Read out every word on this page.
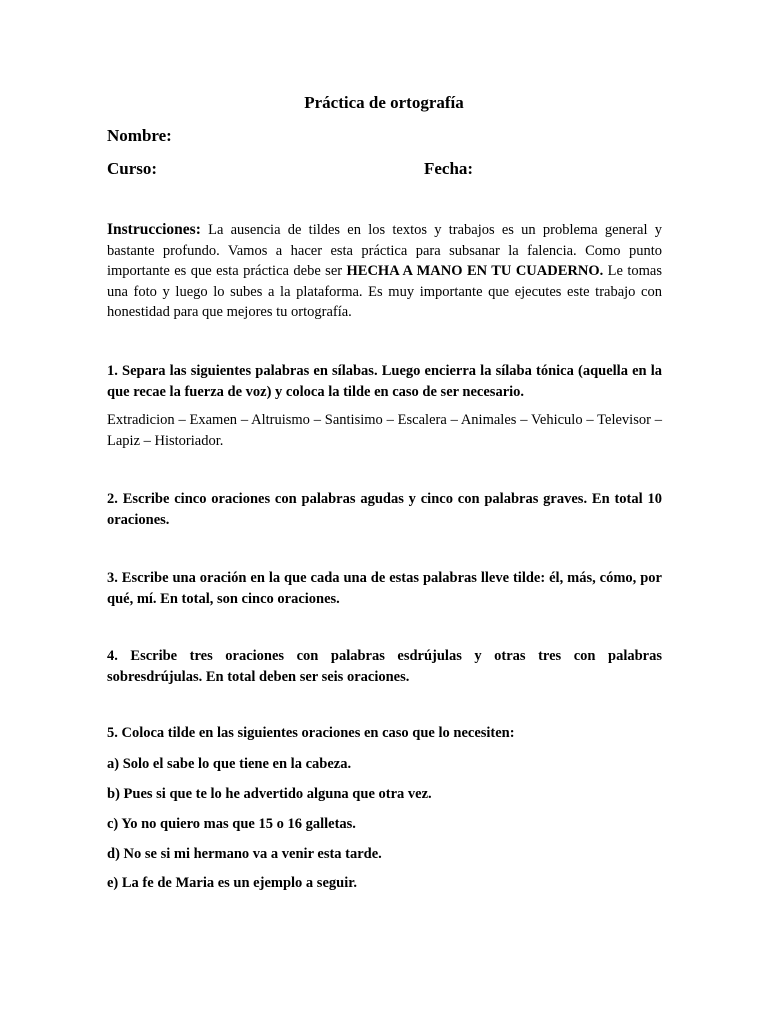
Práctica de ortografía
Nombre:
Curso:	Fecha:
Instrucciones: La ausencia de tildes en los textos y trabajos es un problema general y bastante profundo. Vamos a hacer esta práctica para subsanar la falencia. Como punto importante es que esta práctica debe ser HECHA A MANO EN TU CUADERNO. Le tomas una foto y luego lo subes a la plataforma. Es muy importante que ejecutes este trabajo con honestidad para que mejores tu ortografía.
1. Separa las siguientes palabras en sílabas. Luego encierra la sílaba tónica (aquella en la que recae la fuerza de voz) y coloca la tilde en caso de ser necesario.
Extradicion – Examen – Altruismo – Santisimo – Escalera – Animales – Vehiculo – Televisor – Lapiz – Historiador.
2. Escribe cinco oraciones con palabras agudas y cinco con palabras graves. En total 10 oraciones.
3. Escribe una oración en la que cada una de estas palabras lleve tilde: él, más, cómo, por qué, mí. En total, son cinco oraciones.
4. Escribe tres oraciones con palabras esdrújulas y otras tres con palabras sobresdrújulas. En total deben ser seis oraciones.
5. Coloca tilde en las siguientes oraciones en caso que lo necesiten:
a) Solo el sabe lo que tiene en la cabeza.
b) Pues si que te lo he advertido alguna que otra vez.
c) Yo no quiero mas que 15 o 16 galletas.
d) No se si mi hermano va a venir esta tarde.
e) La fe de Maria es un ejemplo a seguir.
